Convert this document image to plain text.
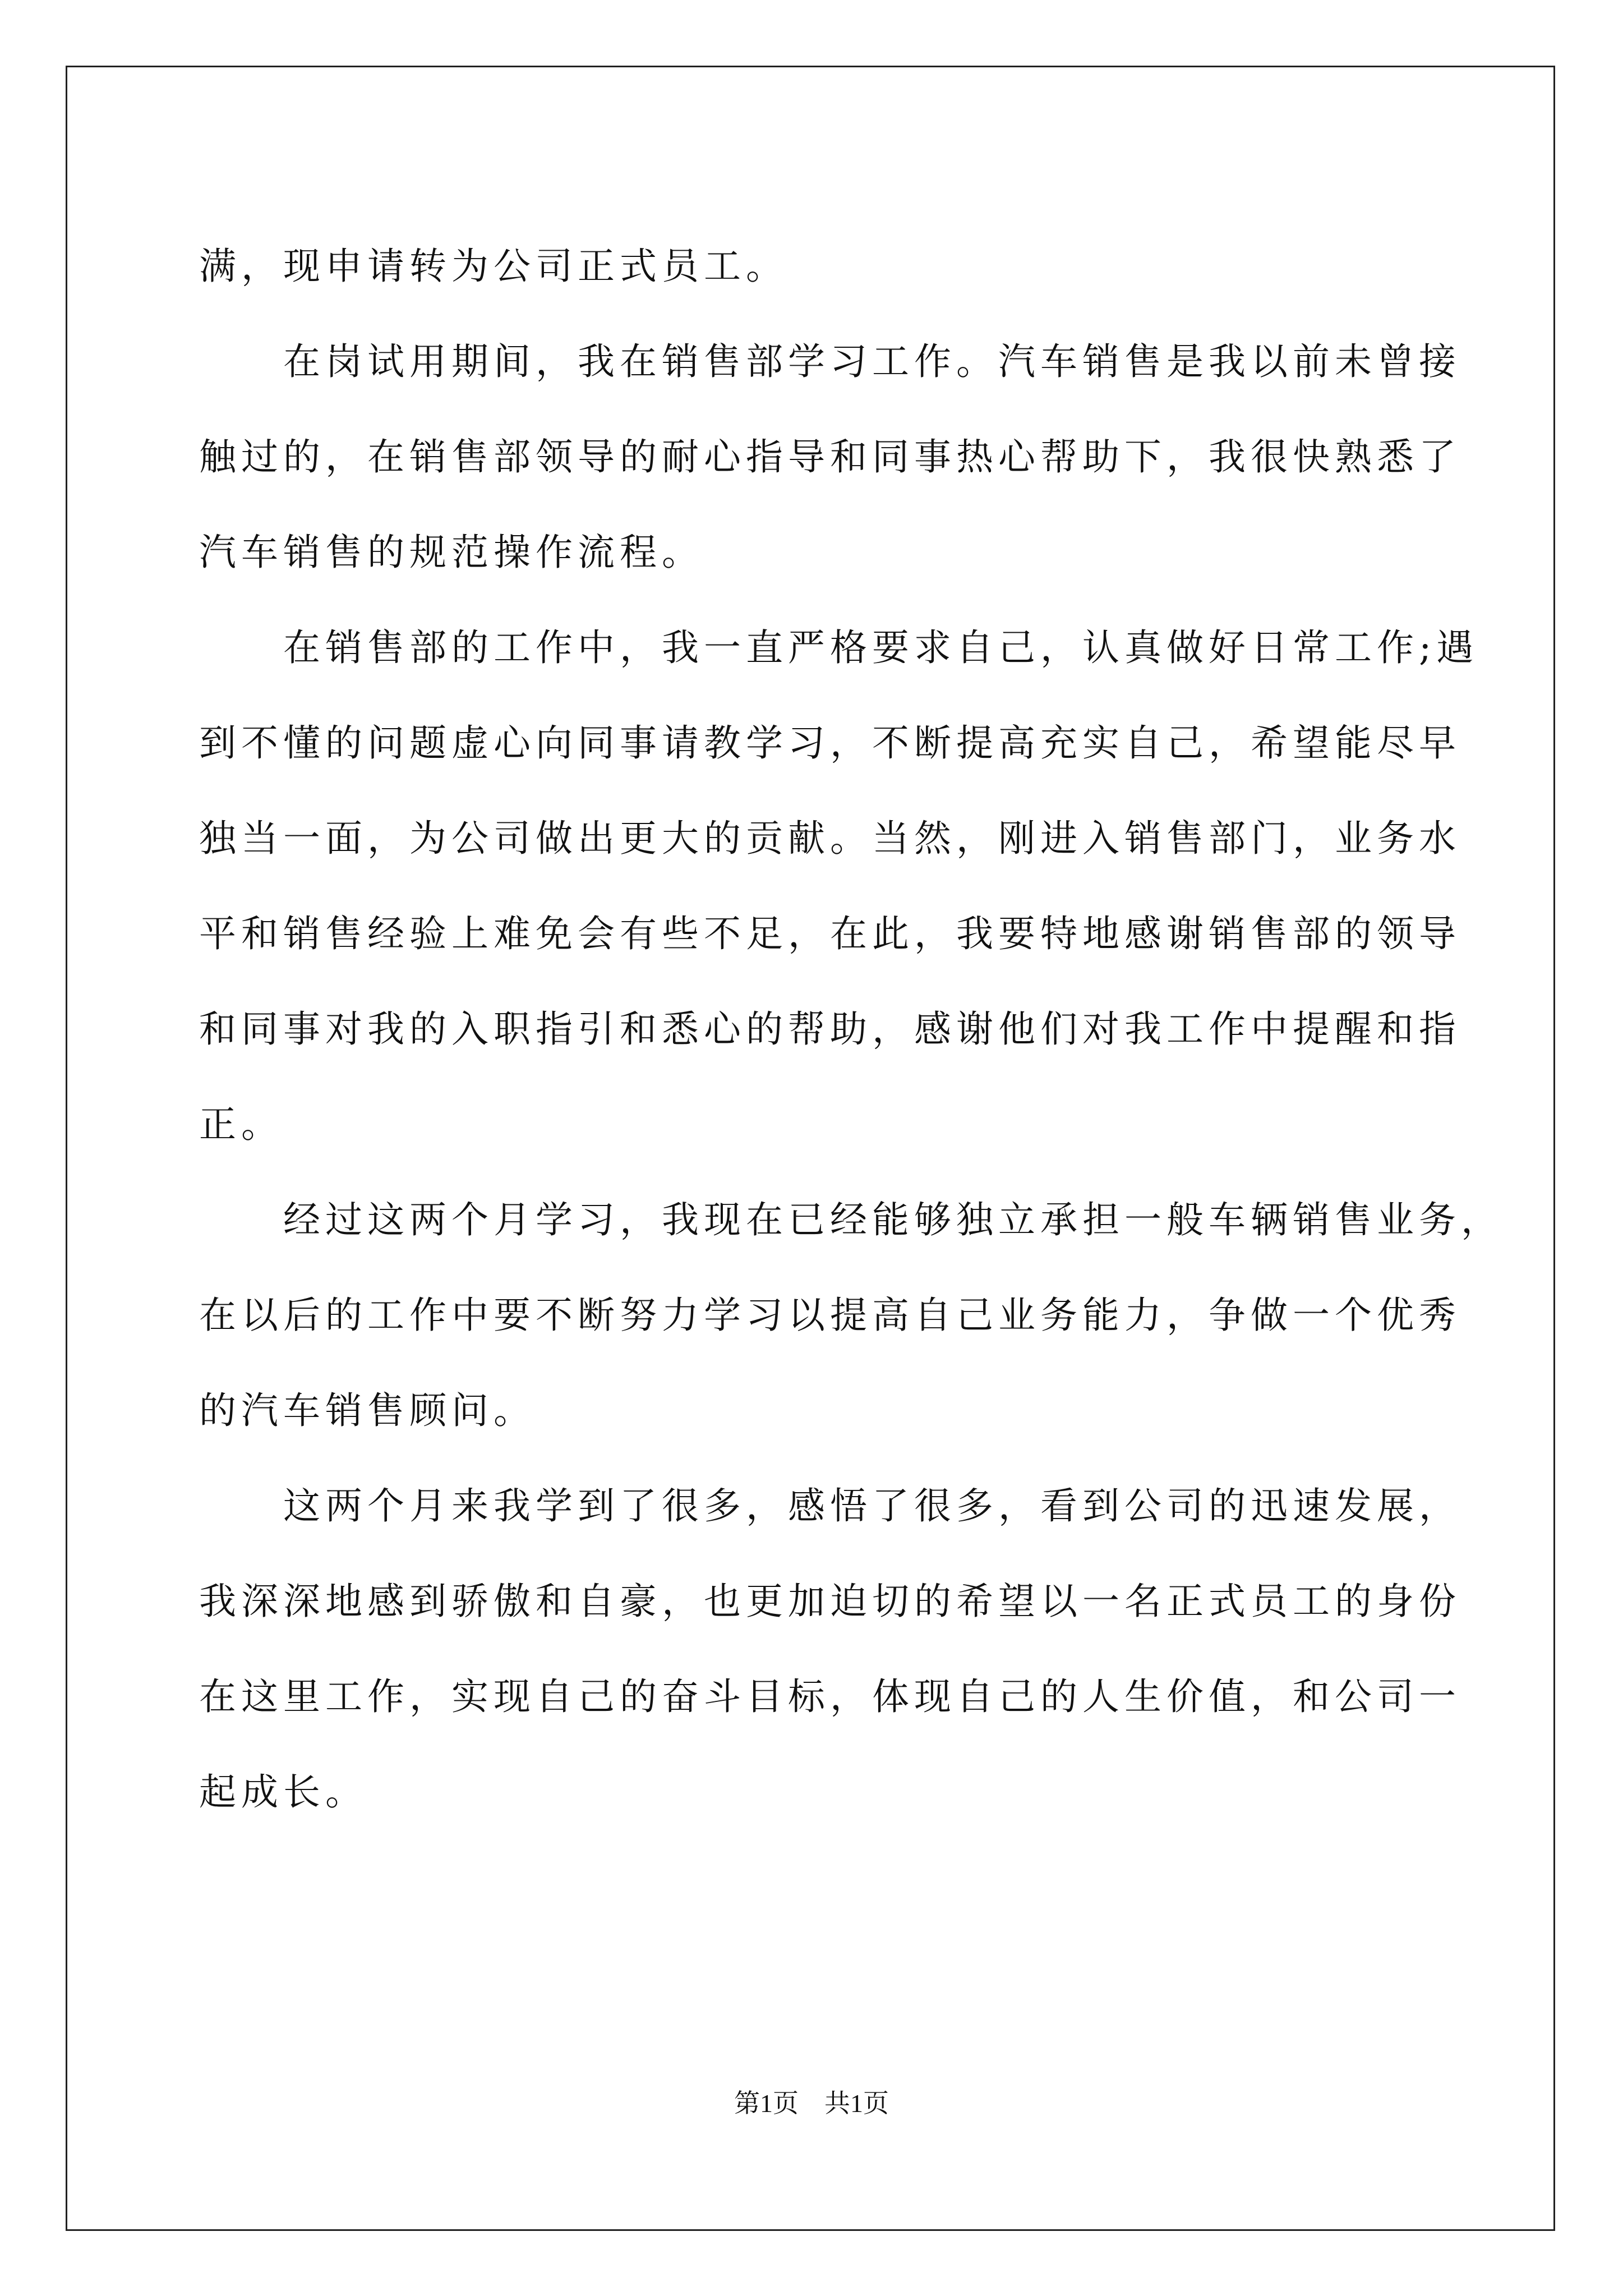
满，现申请转为公司正式员工。
在岗试用期间，我在销售部学习工作。汽车销售是我以前未曾接
触过的，在销售部领导的耐心指导和同事热心帮助下，我很快熟悉了
汽车销售的规范操作流程。
在销售部的工作中，我一直严格要求自己，认真做好日常工作;遇
到不懂的问题虚心向同事请教学习，不断提高充实自己，希望能尽早
独当一面，为公司做出更大的贡献。当然，刚进入销售部门，业务水
平和销售经验上难免会有些不足，在此，我要特地感谢销售部的领导
和同事对我的入职指引和悉心的帮助，感谢他们对我工作中提醒和指
正。
经过这两个月学习，我现在已经能够独立承担一般车辆销售业务，
在以后的工作中要不断努力学习以提高自己业务能力，争做一个优秀
的汽车销售顾问。
这两个月来我学到了很多，感悟了很多，看到公司的迅速发展，
我深深地感到骄傲和自豪，也更加迫切的希望以一名正式员工的身份
在这里工作，实现自己的奋斗目标，体现自己的人生价值，和公司一
起成长。
第1页 共1页
